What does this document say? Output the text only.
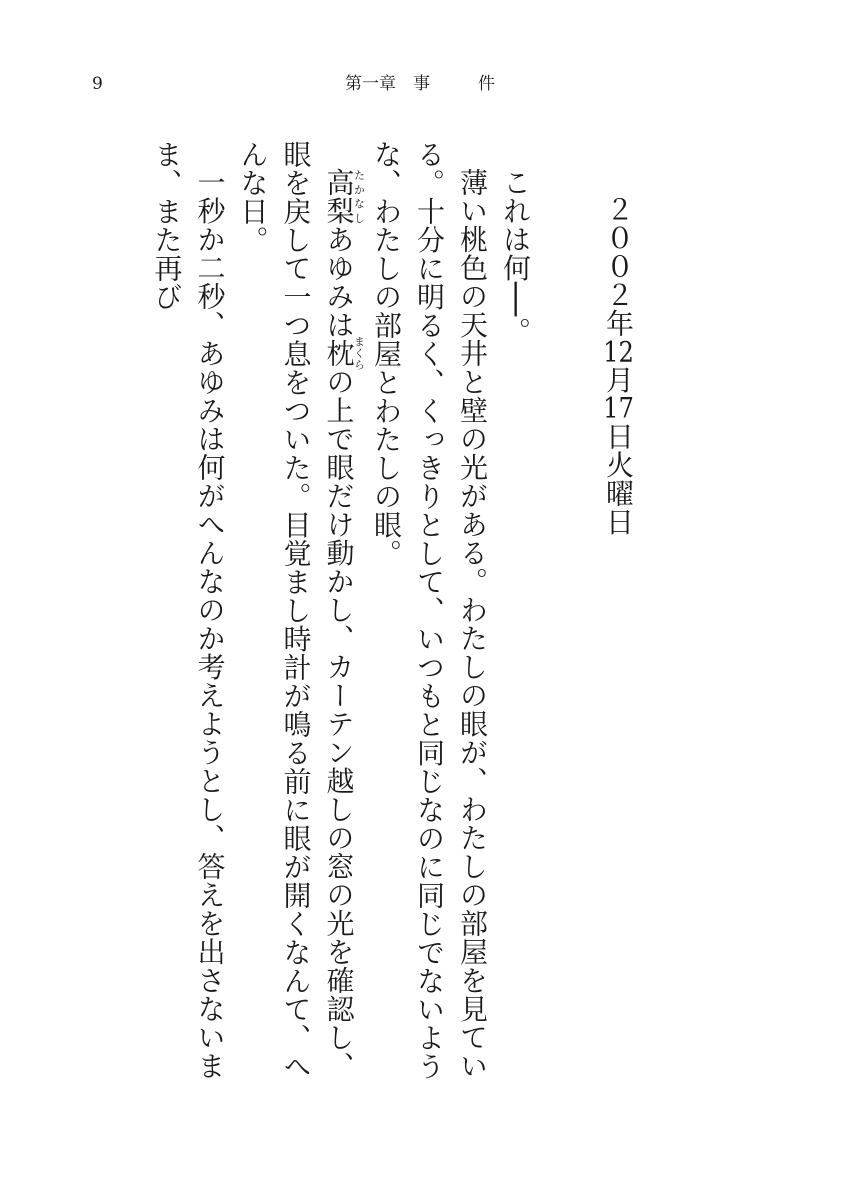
9	第一章　事	件

２００２年12月17日火曜日

これは何──。

薄い桃色の天井と壁の光がある。わたしの眼が、わたしの部屋を見ている。十分に明るく、くっきりとして、いつもと同じなのに同じでないような、わたしの部屋とわたしの眼。

高梨たかなしあゆみは枕まくらの上で眼だけ動かし、カーテン越しの窓の光を確認し、眼を戻して一つ息をついた。目覚まし時計が鳴る前に眼が開くなんて、へんな日。

一秒か二秒、あゆみは何がへんなのか考えようとし、答えを出さないまま、また再び
